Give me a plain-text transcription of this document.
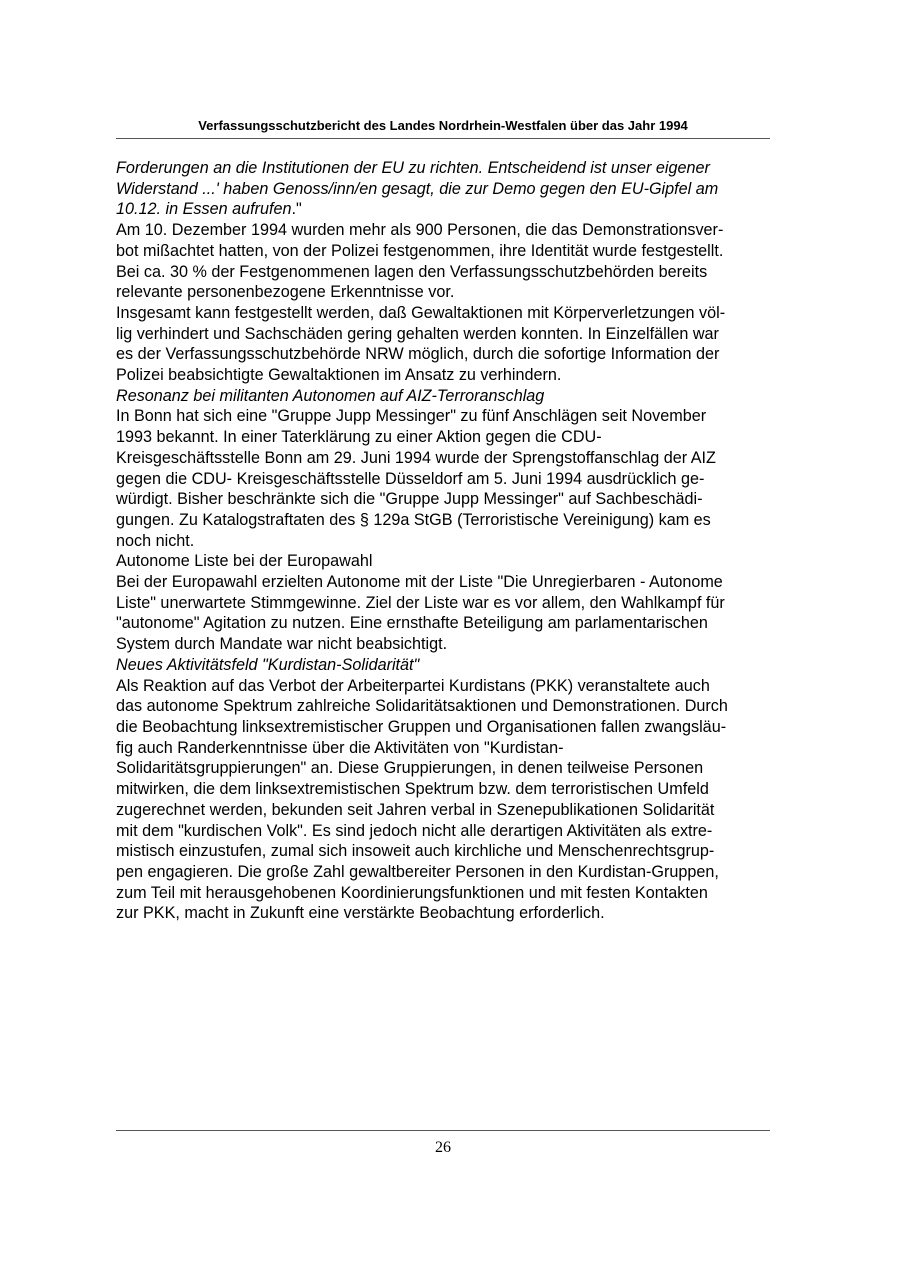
Verfassungsschutzbericht des Landes Nordrhein-Westfalen über das Jahr 1994
Forderungen an die Institutionen der EU zu richten. Entscheidend ist unser eigener
Widerstand ...' haben Genoss/inn/en gesagt, die zur Demo gegen den EU-Gipfel am
10.12. in Essen aufrufen."
Am 10. Dezember 1994 wurden mehr als 900 Personen, die das Demonstrationsver-
bot mißachtet hatten, von der Polizei festgenommen, ihre Identität wurde festgestellt.
Bei ca. 30 % der Festgenommenen lagen den Verfassungsschutzbehörden bereits
relevante personenbezogene Erkenntnisse vor.
Insgesamt kann festgestellt werden, daß Gewaltaktionen mit Körperverletzungen völ-
lig verhindert und Sachschäden gering gehalten werden konnten. In Einzelfällen war
es der Verfassungsschutzbehörde NRW möglich, durch die sofortige Information der
Polizei beabsichtigte Gewaltaktionen im Ansatz zu verhindern.
Resonanz bei militanten Autonomen auf AIZ-Terroranschlag
In Bonn hat sich eine "Gruppe Jupp Messinger" zu fünf Anschlägen seit November
1993 bekannt. In einer Taterklärung zu einer Aktion gegen die CDU-
Kreisgeschäftsstelle Bonn am 29. Juni 1994 wurde der Sprengstoffanschlag der AIZ
gegen die CDU- Kreisgeschäftsstelle Düsseldorf am 5. Juni 1994 ausdrücklich ge-
würdigt. Bisher beschränkte sich die "Gruppe Jupp Messinger" auf Sachbeschädi-
gungen. Zu Katalogstraftaten des § 129a StGB (Terroristische Vereinigung) kam es
noch nicht.
Autonome Liste bei der Europawahl
Bei der Europawahl erzielten Autonome mit der Liste "Die Unregierbaren - Autonome
Liste" unerwartete Stimmgewinne. Ziel der Liste war es vor allem, den Wahlkampf für
"autonome" Agitation zu nutzen. Eine ernsthafte Beteiligung am parlamentarischen
System durch Mandate war nicht beabsichtigt.
Neues Aktivitätsfeld "Kurdistan-Solidarität"
Als Reaktion auf das Verbot der Arbeiterpartei Kurdistans (PKK) veranstaltete auch
das autonome Spektrum zahlreiche Solidaritätsaktionen und Demonstrationen. Durch
die Beobachtung linksextremistischer Gruppen und Organisationen fallen zwangsläu-
fig auch Randerkenntnisse über die Aktivitäten von "Kurdistan-
Solidaritätsgruppierungen" an. Diese Gruppierungen, in denen teilweise Personen
mitwirken, die dem linksextremistischen Spektrum bzw. dem terroristischen Umfeld
zugerechnet werden, bekunden seit Jahren verbal in Szenepublikationen Solidarität
mit dem "kurdischen Volk". Es sind jedoch nicht alle derartigen Aktivitäten als extre-
mistisch einzustufen, zumal sich insoweit auch kirchliche und Menschenrechtsgrup-
pen engagieren. Die große Zahl gewaltbereiter Personen in den Kurdistan-Gruppen,
zum Teil mit herausgehobenen Koordinierungsfunktionen und mit festen Kontakten
zur PKK, macht in Zukunft eine verstärkte Beobachtung erforderlich.
26
